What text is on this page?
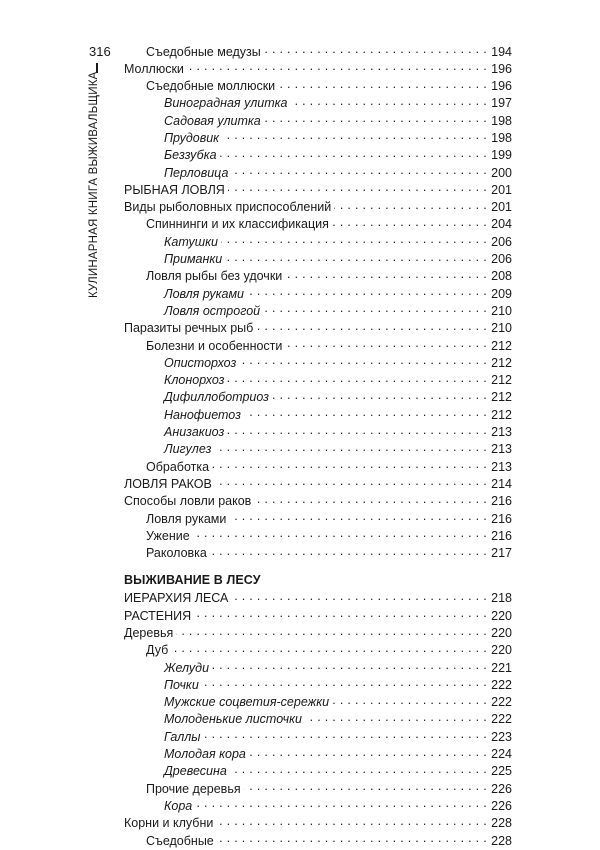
316
КУЛИНАРНАЯ КНИГА ВЫЖИВАЛЬЩИКА
Съедобные медузы . . .	194
Моллюски . . .	196
Съедобные моллюски . . .	196
Виноградная улитка . . .	197
Садовая улитка . . .	198
Прудовик . . .	198
Беззубка . . .	199
Перловица . . .	200
РЫБНАЯ ЛОВЛЯ . . .	201
Виды рыболовных приспособлений . . .	201
Спиннинги и их классификация . . .	204
Катушки . . .	206
Приманки . . .	206
Ловля рыбы без удочки . . .	208
Ловля руками . . .	209
Ловля острогой . . .	210
Паразиты речных рыб . . .	210
Болезни и особенности . . .	212
Описторхоз . . .	212
Клонорхоз . . .	212
Дифиллоботриоз . . .	212
Нанофиетоз . . .	212
Анизакиоз . . .	213
Лигулез . . .	213
Обработка . . .	213
ЛОВЛЯ РАКОВ . . .	214
Способы ловли раков . . .	216
Ловля руками . . .	216
Ужение . . .	216
Раколовка . . .	217
ВЫЖИВАНИЕ В ЛЕСУ
ИЕРАРХИЯ ЛЕСА . . .	218
РАСТЕНИЯ . . .	220
Деревья . . .	220
Дуб . . .	220
Желуди . . .	221
Почки . . .	222
Мужские соцветия-сережки . . .	222
Молоденькие листочки . . .	222
Галлы . . .	223
Молодая кора . . .	224
Древесина . . .	225
Прочие деревья . . .	226
Кора . . .	226
Корни и клубни . . .	228
Съедобные . . .	228
